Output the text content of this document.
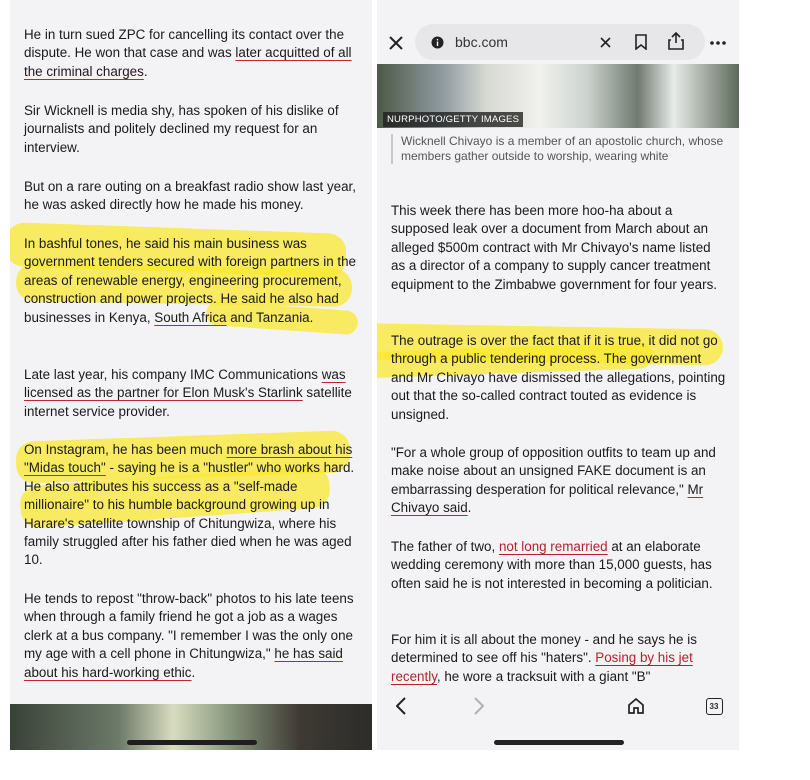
He in turn sued ZPC for cancelling its contact over the dispute. He won that case and was later acquitted of all the criminal charges.

Sir Wicknell is media shy, has spoken of his dislike of journalists and politely declined my request for an interview.

But on a rare outing on a breakfast radio show last year, he was asked directly how he made his money.

In bashful tones, he said his main business was government tenders secured with foreign partners in the areas of renewable energy, engineering procurement, construction and power projects. He said he also had businesses in Kenya, South Africa and Tanzania.

Late last year, his company IMC Communications was licensed as the partner for Elon Musk's Starlink satellite internet service provider.

On Instagram, he has been much more brash about his "Midas touch" - saying he is a "hustler" who works hard. He also attributes his success as a "self-made millionaire" to his humble background growing up in Harare's satellite township of Chitungwiza, where his family struggled after his father died when he was aged 10.

He tends to repost "throw-back" photos to his late teens when through a family friend he got a job as a wages clerk at a bus company. "I remember I was the only one my age with a cell phone in Chitungwiza," he has said about his hard-working ethic.

bbc.com
NURPHOTO/GETTY IMAGES
Wicknell Chivayo is a member of an apostolic church, whose members gather outside to worship, wearing white

This week there has been more hoo-ha about a supposed leak over a document from March about an alleged $500m contract with Mr Chivayo's name listed as a director of a company to supply cancer treatment equipment to the Zimbabwe government for four years.

The outrage is over the fact that if it is true, it did not go through a public tendering process. The government and Mr Chivayo have dismissed the allegations, pointing out that the so-called contract touted as evidence is unsigned.

"For a whole group of opposition outfits to team up and make noise about an unsigned FAKE document is an embarrassing desperation for political relevance," Mr Chivayo said.

The father of two, not long remarried at an elaborate wedding ceremony with more than 15,000 guests, has often said he is not interested in becoming a politician.

For him it is all about the money - and he says he is determined to see off his "haters". Posing by his jet recently, he wore a tracksuit with a giant "B"

33
